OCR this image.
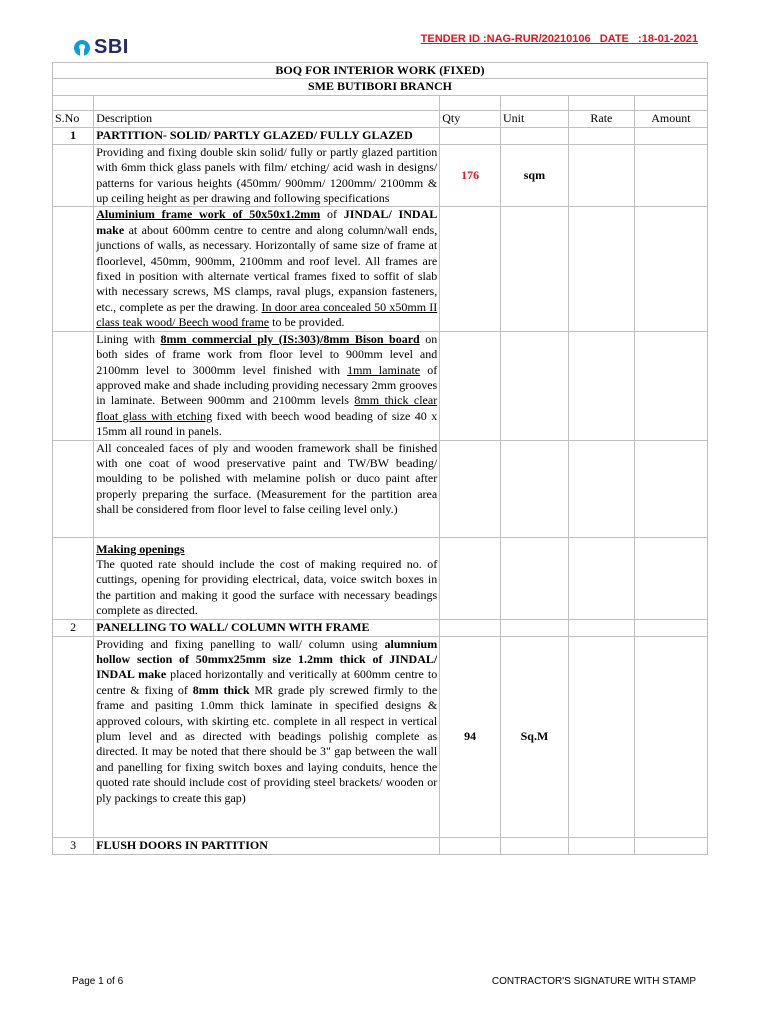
SBI	TENDER ID :NAG-RUR/20210106   DATE   :18-01-2021
BOQ FOR INTERIOR WORK (FIXED)					
SME BUTIBORI BRANCH					

S.No	Description	Qty	Unit	Rate	Amount
1	PARTITION- SOLID/ PARTLY GLAZED/ FULLY GLAZED				
	Providing and fixing double skin solid/ fully or partly glazed partition with 6mm thick glass panels with film/ etching/ acid wash in designs/ patterns for various heights (450mm/ 900mm/ 1200mm/ 2100mm & up ceiling height as per drawing and following specifications	176	sqm		
	Aluminium frame work of 50x50x1.2mm of JINDAL/ INDAL make at about 600mm centre to centre and along column/wall ends, junctions of walls, as necessary. Horizontally of same size of frame at floorlevel, 450mm, 900mm, 2100mm and roof level. All frames are fixed in position with alternate vertical frames fixed to soffit of slab with necessary screws, MS clamps, raval plugs, expansion fasteners, etc., complete as per the drawing. In door area concealed 50 x50mm II class teak wood/ Beech wood frame to be provided.				
	Lining with 8mm commercial ply (IS:303)/8mm Bison board on both sides of frame work from floor level to 900mm level and 2100mm level to 3000mm level finished with 1mm laminate of approved make and shade including providing necessary 2mm grooves in laminate. Between 900mm and 2100mm levels 8mm thick clear float glass with etching fixed with beech wood beading of size 40 x 15mm all round in panels.				
	All concealed faces of ply and wooden framework shall be finished with one coat of wood preservative paint and TW/BW beading/ moulding to be polished with melamine polish or duco paint after properly preparing the surface. (Measurement for the partition area shall be considered from floor level to false ceiling level only.)				

	Making openings
The quoted rate should include the cost of making required no. of cuttings, opening for providing electrical, data, voice switch boxes in the partition and making it good the surface with necessary beadings complete as directed.				

2	PANELLING TO WALL/ COLUMN WITH FRAME				
	Providing and fixing panelling to wall/ column using alumnium hollow section of 50mmx25mm size 1.2mm thick of JINDAL/ INDAL make placed horizontally and veritically at 600mm centre to centre & fixing of 8mm thick MR grade ply screwed firmly to the frame and pasiting 1.0mm thick laminate in specified designs & approved colours, with skirting etc. complete in all respect in vertical plum level and as directed with beadings polishig complete as directed. It may be noted that there should be 3" gap between the wall and panelling for fixing switch boxes and laying conduits, hence the quoted rate should include cost of providing steel brackets/ wooden or ply packings to create this gap)	94	Sq.M		
3	FLUSH DOORS IN PARTITION				
Page 1 of 6	CONTRACTOR'S SIGNATURE WITH STAMP
